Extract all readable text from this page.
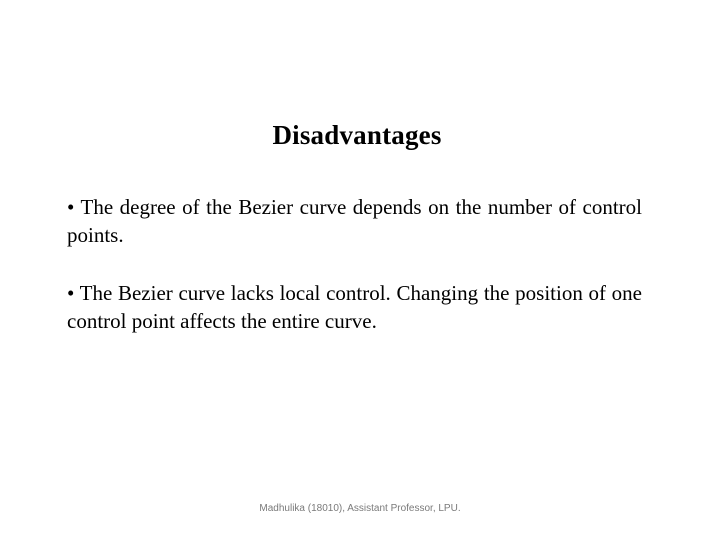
Disadvantages

• The degree of the Bezier curve depends on the number of control points.

• The Bezier curve lacks local control. Changing the position of one control point affects the entire curve.

Madhulika (18010), Assistant Professor, LPU.
